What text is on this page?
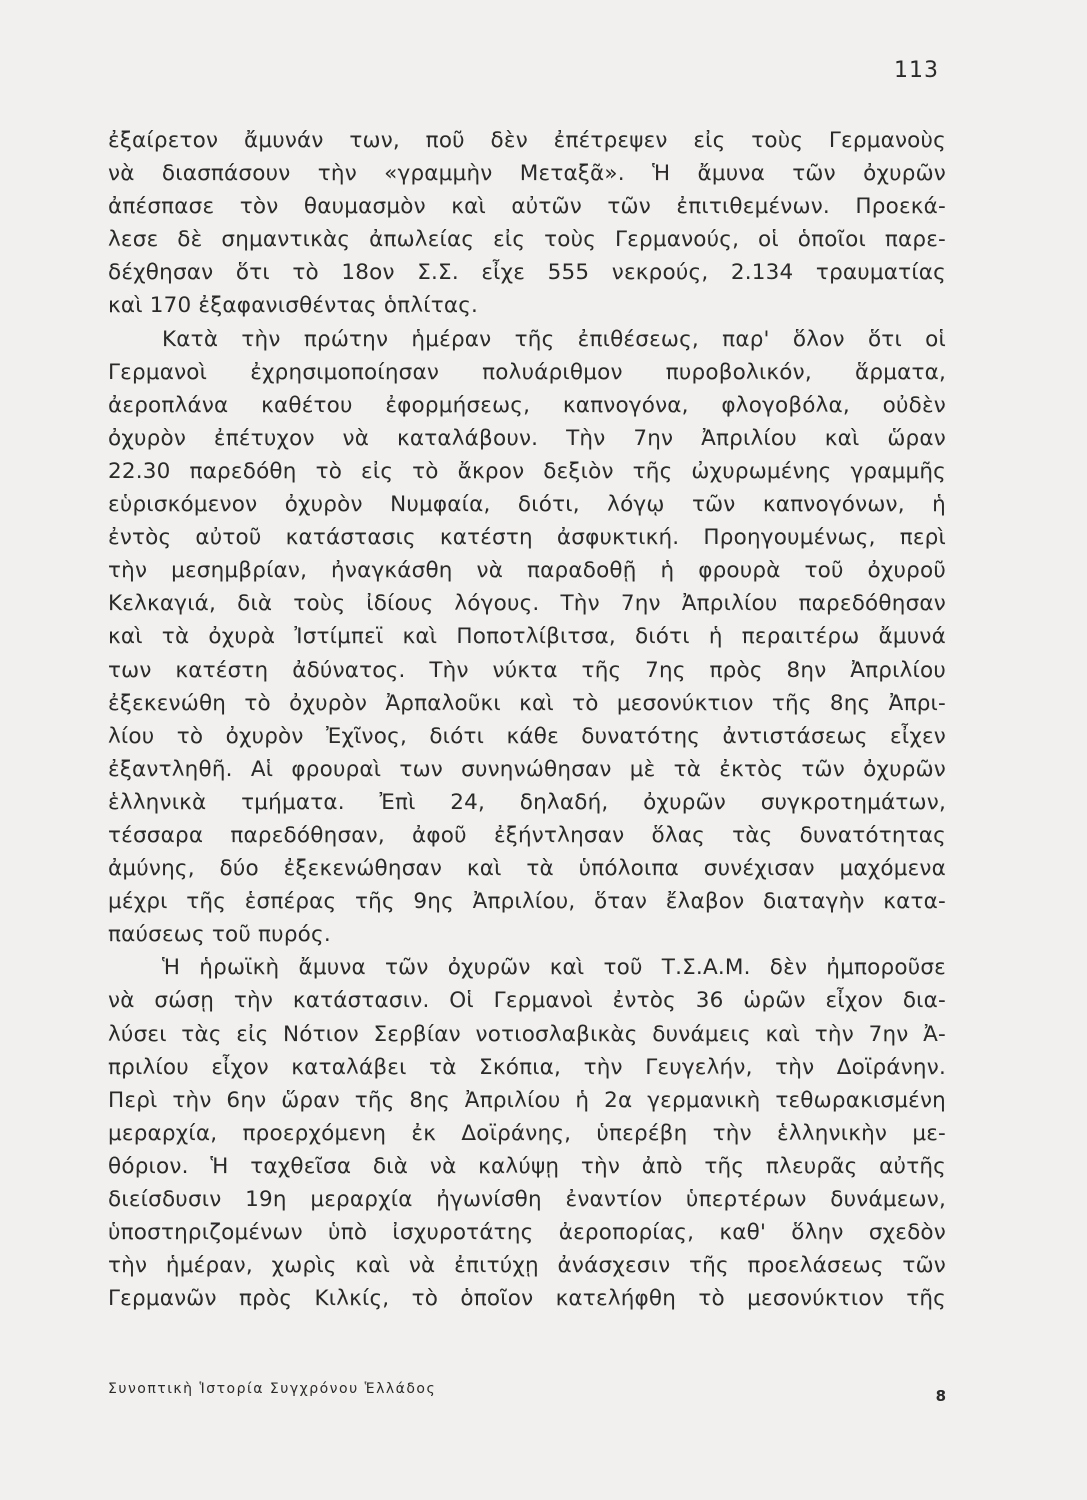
113
ἐξαίρετον ἄμυνάν των, ποῦ δὲν ἐπέτρεψεν εἰς τοὺς Γερμανοὺς
νὰ διασπάσουν τὴν «γραμμὴν Μεταξᾶ». Ἡ ἄμυνα τῶν ὀχυρῶν
ἀπέσπασε τὸν θαυμασμὸν καὶ αὐτῶν τῶν ἐπιτιθεμένων. Προεκά-
λεσε δὲ σημαντικὰς ἀπωλείας εἰς τοὺς Γερμανούς, οἱ ὁποῖοι παρε-
δέχθησαν ὅτι τὸ 18ον Σ.Σ. εἶχε 555 νεκρούς, 2.134 τραυματίας
καὶ 170 ἐξαφανισθέντας ὁπλίτας.
Κατὰ τὴν πρώτην ἡμέραν τῆς ἐπιθέσεως, παρ' ὅλον ὅτι οἱ
Γερμανοὶ ἐχρησιμοποίησαν πολυάριθμον πυροβολικόν, ἅρματα,
ἀεροπλάνα καθέτου ἐφορμήσεως, καπνογόνα, φλογοβόλα, οὐδὲν
ὀχυρὸν ἐπέτυχον νὰ καταλάβουν. Τὴν 7ην Ἀπριλίου καὶ ὥραν
22.30 παρεδόθη τὸ εἰς τὸ ἄκρον δεξιὸν τῆς ὠχυρωμένης γραμμῆς
εὑρισκόμενον ὀχυρὸν Νυμφαία, διότι, λόγῳ τῶν καπνογόνων, ἡ
ἐντὸς αὐτοῦ κατάστασις κατέστη ἀσφυκτική. Προηγουμένως, περὶ
τὴν μεσημβρίαν, ἠναγκάσθη νὰ παραδοθῇ ἡ φρουρὰ τοῦ ὀχυροῦ
Κελκαγιά, διὰ τοὺς ἰδίους λόγους. Τὴν 7ην Ἀπριλίου παρεδόθησαν
καὶ τὰ ὀχυρὰ Ἰστίμπεϊ καὶ Ποποτλίβιτσα, διότι ἡ περαιτέρω ἄμυνά
των κατέστη ἀδύνατος. Τὴν νύκτα τῆς 7ης πρὸς 8ην Ἀπριλίου
ἐξεκενώθη τὸ ὀχυρὸν Ἀρπαλοῦκι καὶ τὸ μεσονύκτιον τῆς 8ης Ἀπρι-
λίου τὸ ὀχυρὸν Ἐχῖνος, διότι κάθε δυνατότης ἀντιστάσεως εἶχεν
ἐξαντληθῆ. Αἱ φρουραὶ των συνηνώθησαν μὲ τὰ ἐκτὸς τῶν ὀχυρῶν
ἑλληνικὰ τμήματα. Ἐπὶ 24, δηλαδή, ὀχυρῶν συγκροτημάτων,
τέσσαρα παρεδόθησαν, ἀφοῦ ἐξήντλησαν ὅλας τὰς δυνατότητας
ἀμύνης, δύο ἐξεκενώθησαν καὶ τὰ ὑπόλοιπα συνέχισαν μαχόμενα
μέχρι τῆς ἑσπέρας τῆς 9ης Ἀπριλίου, ὅταν ἔλαβον διαταγὴν κατα-
παύσεως τοῦ πυρός.
Ἡ ἡρωϊκὴ ἄμυνα τῶν ὀχυρῶν καὶ τοῦ Τ.Σ.Α.Μ. δὲν ἠμποροῦσε
νὰ σώσῃ τὴν κατάστασιν. Οἱ Γερμανοὶ ἐντὸς 36 ὡρῶν εἶχον δια-
λύσει τὰς εἰς Νότιον Σερβίαν νοτιοσλαβικὰς δυνάμεις καὶ τὴν 7ην Ἀ-
πριλίου εἶχον καταλάβει τὰ Σκόπια, τὴν Γευγελήν, τὴν Δοϊράνην.
Περὶ τὴν 6ην ὥραν τῆς 8ης Ἀπριλίου ἡ 2α γερμανικὴ τεθωρακισμένη
μεραρχία, προερχόμενη ἐκ Δοϊράνης, ὑπερέβη τὴν ἑλληνικὴν με-
θόριον. Ἡ ταχθεῖσα διὰ νὰ καλύψῃ τὴν ἀπὸ τῆς πλευρᾶς αὐτῆς
διείσδυσιν 19η μεραρχία ἠγωνίσθη ἐναντίον ὑπερτέρων δυνάμεων,
ὑποστηριζομένων ὑπὸ ἰσχυροτάτης ἀεροπορίας, καθ' ὅλην σχεδὸν
τὴν ἡμέραν, χωρὶς καὶ νὰ ἐπιτύχῃ ἀνάσχεσιν τῆς προελάσεως τῶν
Γερμανῶν πρὸς Κιλκίς, τὸ ὁποῖον κατελήφθη τὸ μεσονύκτιον τῆς
Συνοπτικὴ Ἱστορία Συγχρόνου Ἑλλάδος	8
